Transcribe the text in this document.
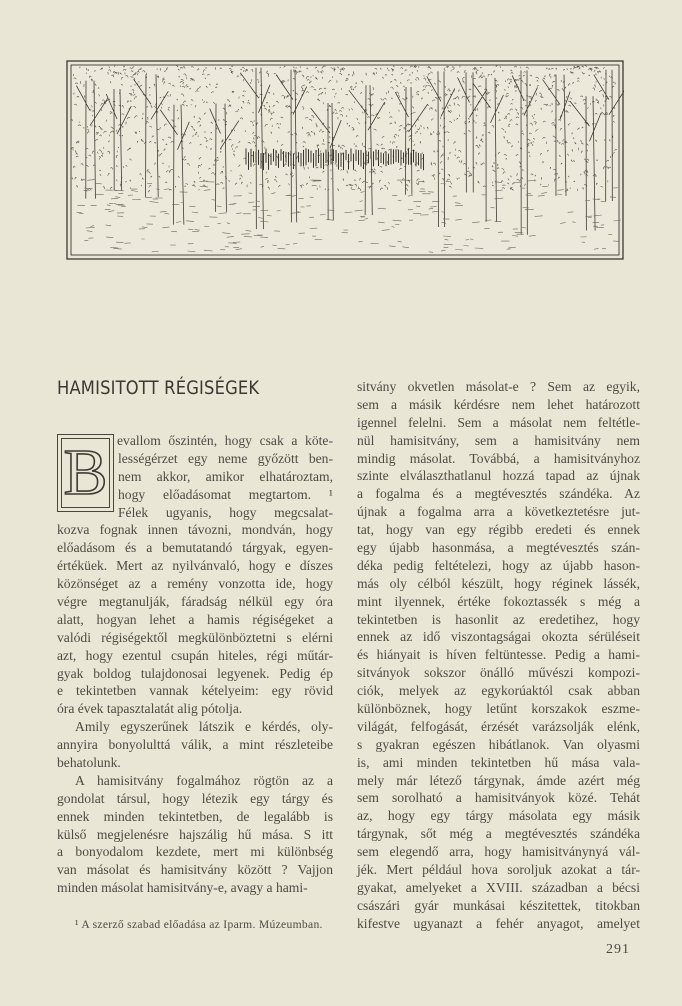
HAMISITOTT RÉGISÉGEK
B evallom őszintén, hogy csak a köte-
lességérzet egy neme győzött ben-
nem akkor, amikor elhatároztam,
hogy előadásomat megtartom. ¹
Félek ugyanis, hogy megcsalat-
kozva fognak innen távozni, mondván, hogy
előadásom és a bemutatandó tárgyak, egyen-
értéküek. Mert az nyilvánvaló, hogy e díszes
közönséget az a remény vonzotta ide, hogy
végre megtanulják, fáradság nélkül egy óra
alatt, hogyan lehet a hamis régiségeket a
valódi régiségektől megkülönböztetni s elérni
azt, hogy ezentul csupán hiteles, régi műtár-
gyak boldog tulajdonosai legyenek. Pedig ép
e tekintetben vannak kételyeim: egy rövid
óra évek tapasztalatát alig pótolja.
Amily egyszerűnek látszik e kérdés, oly-
annyira bonyolulttá válik, a mint részleteibe
behatolunk.
A hamisitvány fogalmához rögtön az a
gondolat társul, hogy létezik egy tárgy és
ennek minden tekintetben, de legalább is
külső megjelenésre hajszálig hű mása. S itt
a bonyodalom kezdete, mert mi különbség
van másolat és hamisitvány között ? Vajjon
minden másolat hamisitvány-e, avagy a hami-
sitvány okvetlen másolat-e ? Sem az egyik,
sem a másik kérdésre nem lehet határozott
igennel felelni. Sem a másolat nem feltétle-
nül hamisitvány, sem a hamisitvány nem
mindig másolat. Továbbá, a hamisitványhoz
szinte elválaszthatlanul hozzá tapad az újnak
a fogalma és a megtévesztés szándéka. Az
újnak a fogalma arra a következtetésre jut-
tat, hogy van egy régibb eredeti és ennek
egy újabb hasonmása, a megtévesztés szán-
déka pedig feltételezi, hogy az újabb hason-
más oly célból készült, hogy réginek lássék,
mint ilyennek, értéke fokoztassék s még a
tekintetben is hasonlit az eredetihez, hogy
ennek az idő viszontagságai okozta sérüléseit
és hiányait is híven feltüntesse. Pedig a hami-
sitványok sokszor önálló művészi kompozi-
ciók, melyek az egykorúaktól csak abban
különböznek, hogy letűnt korszakok eszme-
világát, felfogását, érzését varázsolják elénk,
s gyakran egészen hibátlanok. Van olyasmi
is, ami minden tekintetben hű mása vala-
mely már létező tárgynak, ámde azért még
sem sorolható a hamisitványok közé. Tehát
az, hogy egy tárgy másolata egy másik
tárgynak, sőt még a megtévesztés szándéka
sem elegendő arra, hogy hamisitványnyá vál-
jék. Mert például hova soroljuk azokat a tár-
gyakat, amelyeket a XVIII. században a bécsi
császári gyár munkásai készitettek, titokban
kifestve ugyanazt a fehér anyagot, amelyet
¹ A szerző szabad előadása az Iparm. Múzeumban.
291
